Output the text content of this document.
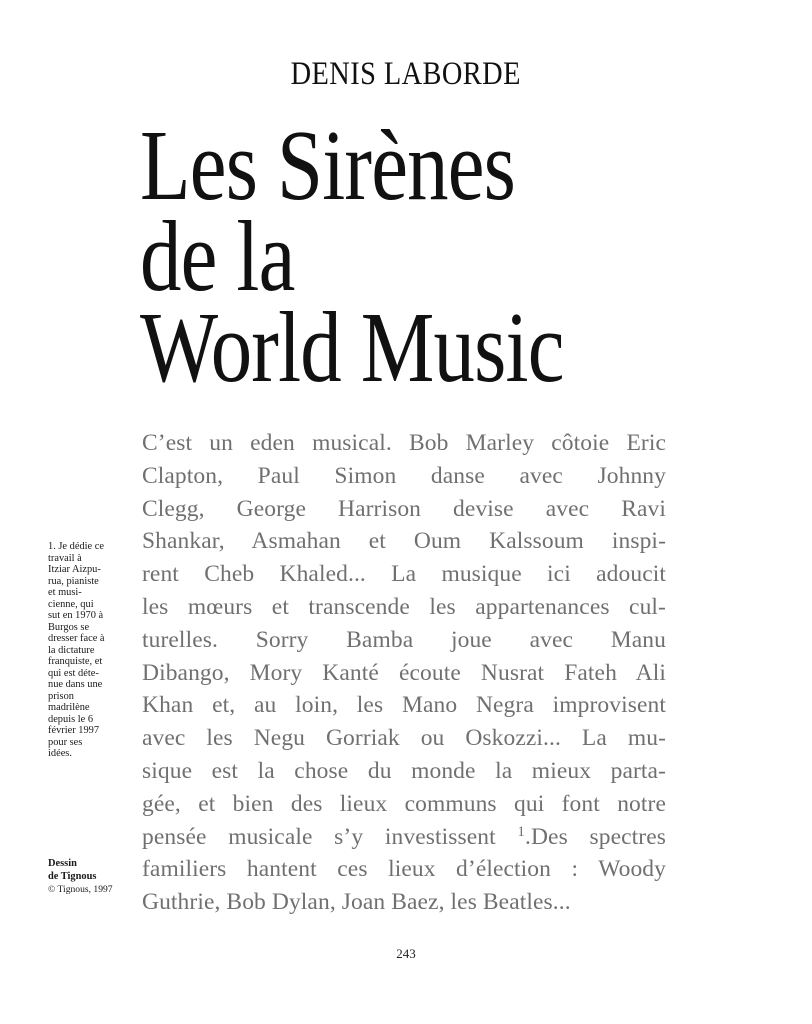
DENIS LABORDE
Les Sirènes
de la
World Music
C’est un eden musical. Bob Marley côtoie Eric
Clapton, Paul Simon danse avec Johnny
Clegg, George Harrison devise avec Ravi
Shankar, Asmahan et Oum Kalssoum inspi-
rent Cheb Khaled... La musique ici adoucit
les mœurs et transcende les appartenances cul-
turelles. Sorry Bamba joue avec Manu
Dibango, Mory Kanté écoute Nusrat Fateh Ali
Khan et, au loin, les Mano Negra improvisent
avec les Negu Gorriak ou Oskozzi... La mu-
sique est la chose du monde la mieux parta-
gée, et bien des lieux communs qui font notre
pensée musicale s’y investissent $^1$.Des spectres
familiers hantent ces lieux d’élection : Woody
Guthrie, Bob Dylan, Joan Baez, les Beatles...
1. Je dédie ce
travail à
Itziar Aizpu-
rua, pianiste
et musi-
cienne, qui
sut en 1970 à
Burgos se
dresser face à
la dictature
franquiste, et
qui est déte-
nue dans une
prison
madrilène
depuis le 6
février 1997
pour ses
idées.
Dessin
de Tignous
© Tignous, 1997
243
